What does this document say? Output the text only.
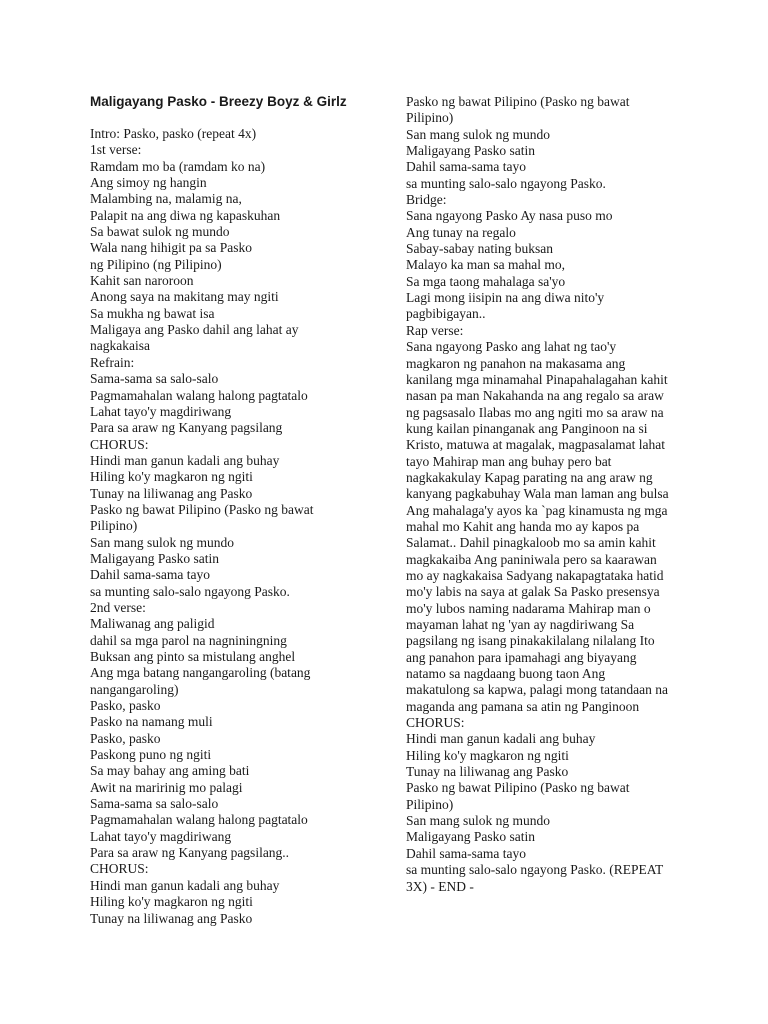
Maligayang Pasko - Breezy Boyz & Girlz
Intro: Pasko, pasko (repeat 4x)
1st verse:
Ramdam mo ba (ramdam ko na)
Ang simoy ng hangin
Malambing na, malamig na,
Palapit na ang diwa ng kapaskuhan
Sa bawat sulok ng mundo
Wala nang hihigit pa sa Pasko
ng Pilipino (ng Pilipino)
Kahit san naroroon
Anong saya na makitang may ngiti
Sa mukha ng bawat isa
Maligaya ang Pasko dahil ang lahat ay
nagkakaisa
Refrain:
Sama-sama sa salo-salo
Pagmamahalan walang halong pagtatalo
Lahat tayo'y magdiriwang
Para sa araw ng Kanyang pagsilang
CHORUS:
Hindi man ganun kadali ang buhay
Hiling ko'y magkaron ng ngiti
Tunay na liliwanag ang Pasko
Pasko ng bawat Pilipino (Pasko ng bawat
Pilipino)
San mang sulok ng mundo
Maligayang Pasko satin
Dahil sama-sama tayo
sa munting salo-salo ngayong Pasko.
2nd verse:
Maliwanag ang paligid
dahil sa mga parol na nagniningning
Buksan ang pinto sa mistulang anghel
Ang mga batang nangangaroling (batang
nangangaroling)
Pasko, pasko
Pasko na namang muli
Pasko, pasko
Paskong puno ng ngiti
Sa may bahay ang aming bati
Awit na maririnig mo palagi
Sama-sama sa salo-salo
Pagmamahalan walang halong pagtatalo
Lahat tayo'y magdiriwang
Para sa araw ng Kanyang pagsilang..
CHORUS:
Hindi man ganun kadali ang buhay
Hiling ko'y magkaron ng ngiti
Tunay na liliwanag ang Pasko
Pasko ng bawat Pilipino (Pasko ng bawat
Pilipino)
San mang sulok ng mundo
Maligayang Pasko satin
Dahil sama-sama tayo
sa munting salo-salo ngayong Pasko.
Bridge:
Sana ngayong Pasko Ay nasa puso mo
Ang tunay na regalo
Sabay-sabay nating buksan
Malayo ka man sa mahal mo,
Sa mga taong mahalaga sa'yo
Lagi mong iisipin na ang diwa nito'y
pagbibigayan..
Rap verse:
Sana ngayong Pasko ang lahat ng tao'y
magkaron ng panahon na makasama ang
kanilang mga minamahal Pinapahalagahan kahit
nasan pa man Nakahanda na ang regalo sa araw
ng pagsasalo Ilabas mo ang ngiti mo sa araw na
kung kailan pinanganak ang Panginoon na si
Kristo, matuwa at magalak, magpasalamat lahat
tayo Mahirap man ang buhay pero bat
nagkakakulay Kapag parating na ang araw ng
kanyang pagkabuhay Wala man laman ang bulsa
Ang mahalaga'y ayos ka `pag kinamusta ng mga
mahal mo Kahit ang handa mo ay kapos pa
Salamat.. Dahil pinagkaloob mo sa amin kahit
magkakaiba Ang paniniwala pero sa kaarawan
mo ay nagkakaisa Sadyang nakapagtataka hatid
mo'y labis na saya at galak Sa Pasko presensya
mo'y lubos naming nadarama Mahirap man o
mayaman lahat ng 'yan ay nagdiriwang Sa
pagsilang ng isang pinakakilalang nilalang Ito
ang panahon para ipamahagi ang biyayang
natamo sa nagdaang buong taon Ang
makatulong sa kapwa, palagi mong tatandaan na
maganda ang pamana sa atin ng Panginoon
CHORUS:
Hindi man ganun kadali ang buhay
Hiling ko'y magkaron ng ngiti
Tunay na liliwanag ang Pasko
Pasko ng bawat Pilipino (Pasko ng bawat
Pilipino)
San mang sulok ng mundo
Maligayang Pasko satin
Dahil sama-sama tayo
sa munting salo-salo ngayong Pasko. (REPEAT
3X) - END -
